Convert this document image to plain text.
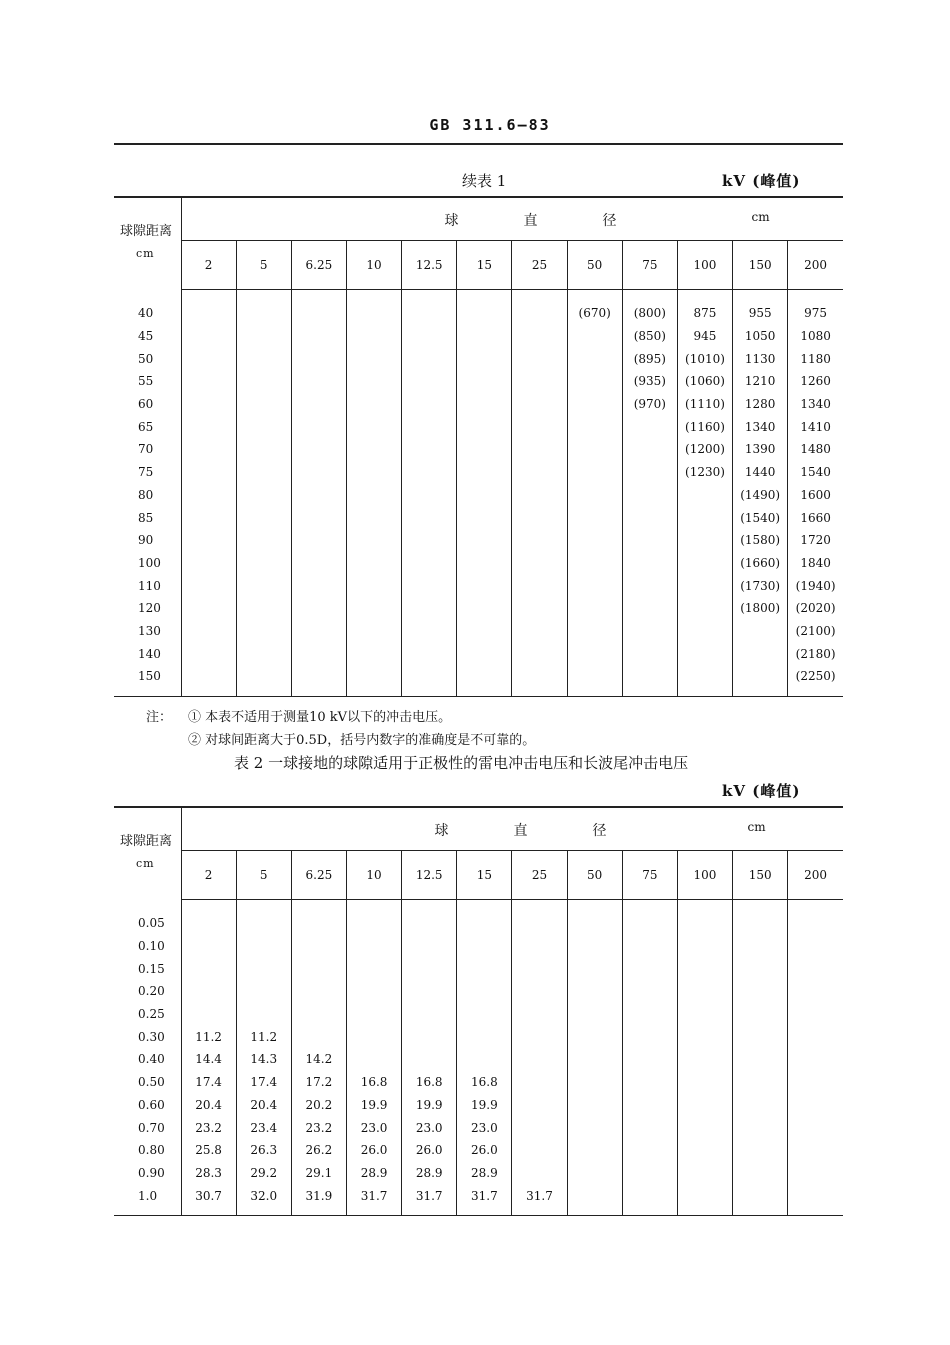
GB 311.6—83
续表 1	kV (峰值)
球隙距离
cm	球 直 径 cm											

	2	5	6.25	10	12.5	15	25	50	75	100	150	200

40								(670)	(800)	875	955	975
45									(850)	945	1050	1080
50									(895)	(1010)	1130	1180
55									(935)	(1060)	1210	1260
60									(970)	(1110)	1280	1340
65										(1160)	1340	1410
70										(1200)	1390	1480
75										(1230)	1440	1540
80											(1490)	1600
85											(1540)	1660
90											(1580)	1720
100											(1660)	1840
110											(1730)	(1940)
120											(1800)	(2020)
130												(2100)
140												(2180)
150												(2250)

注： ① 本表不适用于测量10 kV以下的冲击电压。
② 对球间距离大于0.5D，括号内数字的准确度是不可靠的。
表 2 一球接地的球隙适用于正极性的雷电冲击电压和长波尾冲击电压
kV (峰值)
球隙距离
cm	球 直 径 cm											

	2	5	6.25	10	12.5	15	25	50	75	100	150	200

0.05												
0.10												
0.15												
0.20												
0.25												
0.30	11.2	11.2										
0.40	14.4	14.3	14.2									
0.50	17.4	17.4	17.2	16.8	16.8	16.8						
0.60	20.4	20.4	20.2	19.9	19.9	19.9						
0.70	23.2	23.4	23.2	23.0	23.0	23.0						
0.80	25.8	26.3	26.2	26.0	26.0	26.0						
0.90	28.3	29.2	29.1	28.9	28.9	28.9						
1.0	30.7	32.0	31.9	31.7	31.7	31.7	31.7					
